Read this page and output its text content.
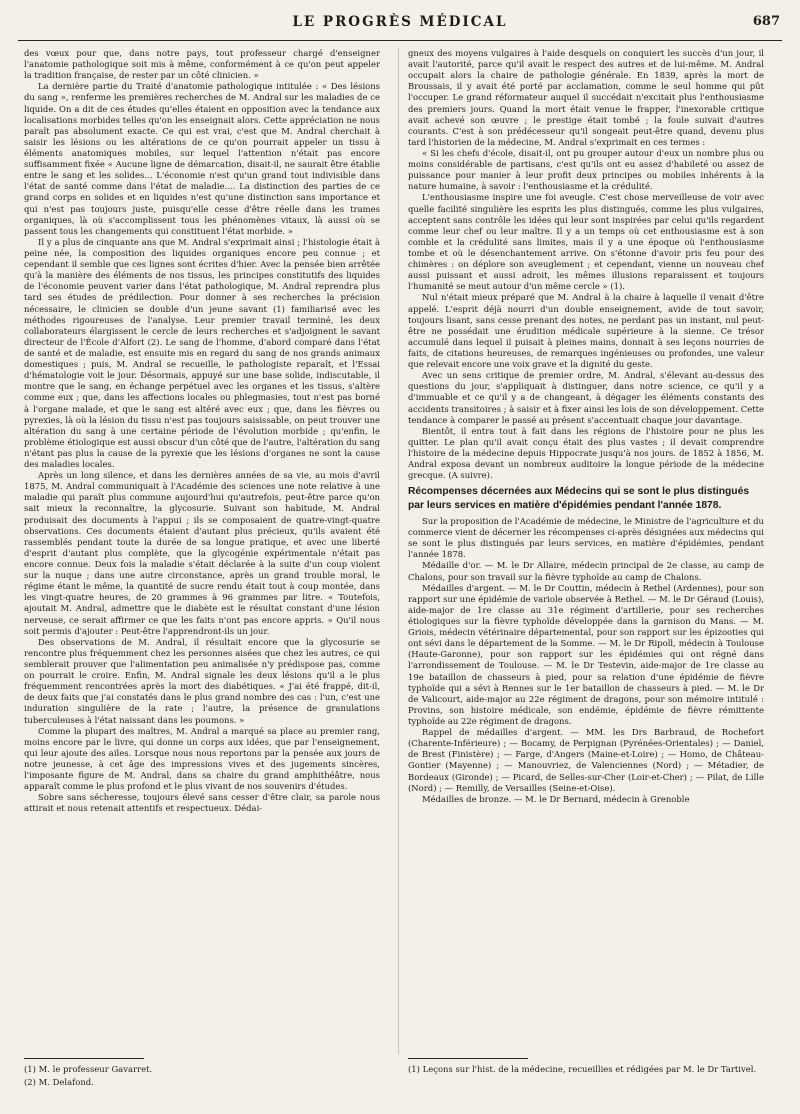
LE PROGRÈS MÉDICAL	687

des vœux pour que, dans notre pays, tout professeur chargé d'enseigner l'anatomie pathologique soit mis à même, conformément à ce qu'on peut appeler la tradition française, de rester par un côté clinicien. »

La dernière partie du Traité d'anatomie pathologique intitulée : « Des lésions du sang », renferme les premières recherches de M. Andral sur les maladies de ce liquide. On a dit de ces études qu'elles étaient en opposition avec la tendance aux localisations morbides telles qu'on les enseignait alors. Cette appréciation ne nous paraît pas absolument exacte. Ce qui est vrai, c'est que M. Andral cherchait à saisir les lésions ou les altérations de ce qu'on pourrait appeler un tissu à éléments anatomiques mobiles, sur lequel l'attention n'était pas encore suffisamment fixée « Aucune ligne de démarcation, disait-il, ne saurait être établie entre le sang et les solides... L'économie n'est qu'un grand tout indivisible dans l'état de santé comme dans l'état de maladie.... La distinction des parties de ce grand corps en solides et en liquides n'est qu'une distinction sans importance et qui n'est pas toujours juste, puisqu'elle cesse d'être réelle dans les trames organiques, là où s'accomplissent tous les phénomènes vitaux, là aussi où se passent tous les changements qui constituent l'état morbide. »

Il y a plus de cinquante ans que M. Andral s'exprimait ainsi ; l'histologie était à peine née, la composition des liquides organiques encore peu connue ; et cependant il semble que ces lignes sont écrites d'hier. Avec la pensée bien arrêtée qu'à la manière des éléments de nos tissus, les principes constitutifs des liquides de l'économie peuvent varier dans l'état pathologique, M. Andral reprendra plus tard ses études de prédilection. Pour donner à ses recherches la précision nécessaire, le clinicien se double d'un jeune savant (1) familiarisé avec les méthodes rigoureuses de l'analyse. Leur premier travail terminé, les deux collaborateurs élargissent le cercle de leurs recherches et s'adjoignent le savant directeur de l'École d'Alfort (2). Le sang de l'homme, d'abord comparé dans l'état de santé et de maladie, est ensuite mis en regard du sang de nos grands animaux domestiques ; puis, M. Andral se recueille, le pathologiste reparaît, et l'Essai d'hématologie voit le jour. Désormais, appuyé sur une base solide, indiscutable, il montre que le sang, en échange perpétuel avec les organes et les tissus, s'altère comme eux ; que, dans les affections locales ou phlegmasies, tout n'est pas borné à l'organe malade, et que le sang est altéré avec eux ; que, dans les fièvres ou pyrexies, là où la lésion du tissu n'est pas toujours saisissable, on peut trouver une altération du sang à une certaine période de l'évolution morbide ; qu'enfin, le problème étiologique est aussi obscur d'un côté que de l'autre, l'altération du sang n'étant pas plus la cause de la pyrexie que les lésions d'organes ne sont la cause des maladies locales.

Après un long silence, et dans les dernières années de sa vie, au mois d'avril 1875, M. Andral communiquait à l'Académie des sciences une note relative à une maladie qui paraît plus commune aujourd'hui qu'autrefois, peut-être parce qu'on sait mieux la reconnaître, la glycosurie. Suivant son habitude, M. Andral produisait des documents à l'appui ; ils se composaient de quatre-vingt-quatre observations. Ces documents étaient d'autant plus précieux, qu'ils avaient été rassemblés pendant toute la durée de sa longue pratique, et avec une liberté d'esprit d'autant plus complète, que la glycogénie expérimentale n'était pas encore connue. Deux fois la maladie s'était déclarée à la suite d'un coup violent sur la nuque ; dans une autre circonstance, après un grand trouble moral, le régime étant le même, la quantité de sucre rendu était tout à coup montée, dans les vingt-quatre heures, de 20 grammes à 96 grammes par litre. « Toutefois, ajoutait M. Andral, admettre que le diabète est le résultat constant d'une lésion nerveuse, ce serait affirmer ce que les faits n'ont pas encore appris. » Qu'il nous soit permis d'ajouter : Peut-être l'apprendront-ils un jour.

Des observations de M. Andral, il résultait encore que la glycosurie se rencontre plus fréquemment chez les personnes aisées que chez les autres, ce qui semblerait prouver que l'alimentation peu animalisée n'y prédispose pas, comme on pourrait le croire. Enfin, M. Andral signale les deux lésions qu'il a le plus fréquemment rencontrées après la mort des diabétiques. « J'ai été frappé, dit-il, de deux faits que j'ai constatés dans le plus grand nombre des cas : l'un, c'est une induration singulière de la rate ; l'autre, la présence de granulations tuberculeuses à l'état naissant dans les poumons. »

Comme la plupart des maîtres, M. Andral a marqué sa place au premier rang, moins encore par le livre, qui donne un corps aux idées, que par l'enseignement, qui leur ajoute des ailes. Lorsque nous nous reportons par la pensée aux jours de notre jeunesse, à cet âge des impressions vives et des jugements sincères, l'imposante figure de M. Andral, dans sa chaire du grand amphithéâtre, nous apparaît comme le plus profond et le plus vivant de nos souvenirs d'études.

Sobre sans sécheresse, toujours élevé sans cesser d'être clair, sa parole nous attirait et nous retenait attentifs et respectueux. Dédai-

gneux des moyens vulgaires à l'aide desquels on conquiert les succès d'un jour, il avait l'autorité, parce qu'il avait le respect des autres et de lui-même. M. Andral occupait alors la chaire de pathologie générale. En 1839, après la mort de Broussais, il y avait été porté par acclamation, comme le seul homme qui pût l'occuper. Le grand réformateur auquel il succédait n'excitait plus l'enthousiasme des premiers jours. Quand la mort était venue le frapper, l'inexorable critique avait achevé son œuvre ; le prestige était tombé ; la foule suivait d'autres courants. C'est à son prédécesseur qu'il songeait peut-être quand, devenu plus tard l'historien de la médecine, M. Andral s'exprimait en ces termes :

« Si les chefs d'école, disait-il, ont pu grouper autour d'eux un nombre plus ou moins considérable de partisans, c'est qu'ils ont eu assez d'habileté ou assez de puissance pour manier à leur profit deux principes ou mobiles inhérents à la nature humaine, à savoir : l'enthousiasme et la crédulité.

L'enthousiasme inspire une foi aveugle. C'est chose merveilleuse de voir avec quelle facilité singulière les esprits les plus distingués, comme les plus vulgaires, acceptent sans contrôle les idées qui leur sont inspirées par celui qu'ils regardent comme leur chef ou leur maître. Il y a un temps où cet enthousiasme est à son comble et la crédulité sans limites, mais il y a une époque où l'enthousiasme tombe et où le désenchantement arrive. On s'étonne d'avoir pris feu pour des chimères : on déplore son aveuglement ; et cependant, vienne un nouveau chef aussi puissant et aussi adroit, les mêmes illusions reparaissent et toujours l'humanité se meut autour d'un même cercle » (1).

Nul n'était mieux préparé que M. Andral à la chaire à laquelle il venait d'être appelé. L'esprit déjà nourri d'un double enseignement, avide de tout savoir, toujours lisant, sans cesse prenant des notes, ne perdant pas un instant, nul peut-être ne possédait une érudition médicale supérieure à la sienne. Ce trésor accumulé dans lequel il puisait à pleines mains, donnait à ses leçons nourries de faits, de citations heureuses, de remarques ingénieuses ou profondes, une valeur que relevait encore une voix grave et la dignité du geste.

Avec un sens critique de premier ordre, M. Andral, s'élevant au-dessus des questions du jour, s'appliquait à distinguer, dans notre science, ce qu'il y a d'immuable et ce qu'il y a de changeant, à dégager les éléments constants des accidents transitoires ; à saisir et à fixer ainsi les lois de son développement. Cette tendance à comparer le passé au présent s'accentuait chaque jour davantage.

Bientôt, il entra tout à fait dans les régions de l'histoire pour ne plus les quitter. Le plan qu'il avait conçu était des plus vastes ; il devait comprendre l'histoire de la médecine depuis Hippocrate jusqu'à nos jours. de 1852 à 1856, M. Andral exposa devant un nombreux auditoire la longue période de la médecine grecque. (A suivre).

Récompenses décernées aux Médecins qui se sont le plus distingués par leurs services en matière d'épidémies pendant l'année 1878.

Sur la proposition de l'Académie de médecine, le Ministre de l'agriculture et du commerce vient de décerner les récompenses ci-après désignées aux médecins qui se sont le plus distingués par leurs services, en matière d'épidémies, pendant l'année 1878.

Médaille d'or. — M. le Dr Allaire, médecin principal de 2e classe, au camp de Chalons, pour son travail sur la fièvre typhoïde au camp de Chalons.

Médailles d'argent. — M. le Dr Couttin, médecin à Rethel (Ardennes), pour son rapport sur une épidémie de variole observée à Rethel. — M. le Dr Géraud (Louis), aide-major de 1re classe au 31e régiment d'artillerie, pour ses recherches étiologiques sur la fièvre typhoïde développée dans la garnison du Mans. — M. Griois, médecin vétérinaire départemental, pour son rapport sur les épizooties qui ont sévi dans le département de la Somme. — M. le Dr Ripoll, médecin à Toulouse (Haute-Garonne), pour son rapport sur les épidémies qui ont régné dans l'arrondissement de Toulouse. — M. le Dr Testevin, aide-major de 1re classe au 19e bataillon de chasseurs à pied, pour sa relation d'une épidémie de fièvre typhoïde qui a sévi à Rennes sur le 1er bataillon de chasseurs à pied. — M. le Dr de Valicourt, aide-major au 22e régiment de dragons, pour son mémoire intitulé : Provins, son histoire médicale, son endémie, épidémie de fièvre rémittente typhoïde au 22e régiment de dragons.

Rappel de médailles d'argent. — MM. les Drs Barbraud, de Rochefort (Charente-Inférieure) ; — Bocamy, de Perpignan (Pyrénées-Orientales) ; — Daniel, de Brest (Finistère) ; — Farge, d'Angers (Maine-et-Loire) ; — Homo, de Château-Gontier (Mayenne) ; — Manouvriez, de Valenciennes (Nord) ; — Métadier, de Bordeaux (Gironde) ; — Picard, de Selles-sur-Cher (Loir-et-Cher) ; — Pilat, de Lille (Nord) ; — Remilly, de Versailles (Seine-et-Oise).

Médailles de bronze. — M. le Dr Bernard, médecin à Grenoble

(1) M. le professeur Gavarret.

(2) M. Delafond.

(1) Leçons sur l'hist. de la médecine, recueillies et rédigées par M. le Dr Tartivel.
